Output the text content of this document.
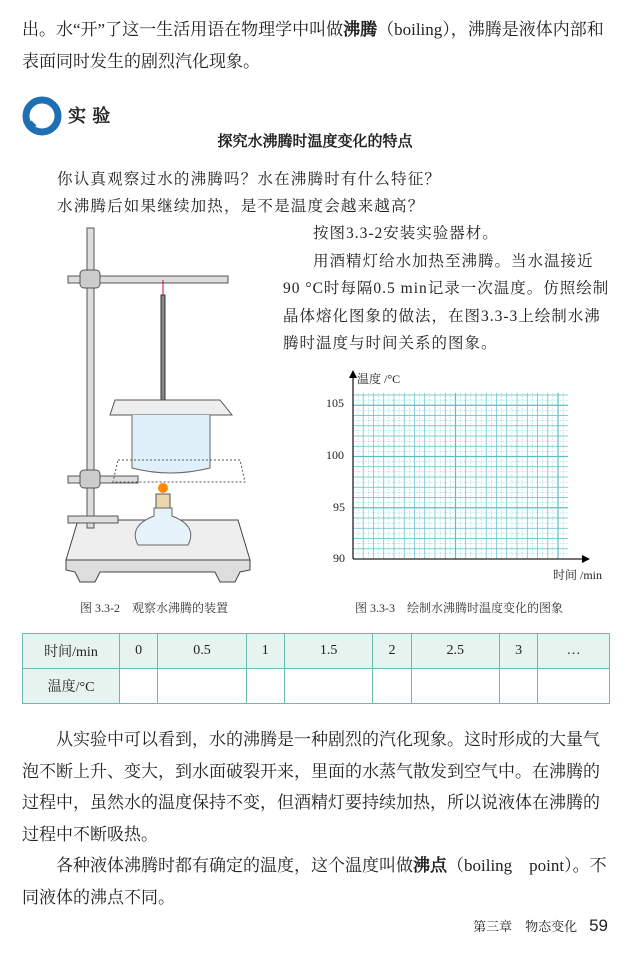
出。水“开”了这一生活用语在物理学中叫做沸腾（boiling），沸腾是液体内部和表面同时发生的剧烈汽化现象。

实 验
探究水沸腾时温度变化的特点
你认真观察过水的沸腾吗？水在沸腾时有什么特征？
水沸腾后如果继续加热，是不是温度会越来越高？

按图3.3-2安装实验器材。

用酒精灯给水加热至沸腾。当水温接近90 °C时每隔0.5 min记录一次温度。仿照绘制晶体熔化图象的做法，在图3.3-3上绘制水沸腾时温度与时间关系的图象。

温度 /°C
时间 /min
105
100
95
90
图 3.3-2　观察水沸腾的装置	图 3.3-3　绘制水沸腾时温度变化的图象
时间/min	0	0.5	1	1.5	2	2.5	3	…
温度/°C								

从实验中可以看到，水的沸腾是一种剧烈的汽化现象。这时形成的大量气泡不断上升、变大，到水面破裂开来，里面的水蒸气散发到空气中。在沸腾的过程中，虽然水的温度保持不变，但酒精灯要持续加热，所以说液体在沸腾的过程中不断吸热。

各种液体沸腾时都有确定的温度，这个温度叫做沸点（boiling　point）。不同液体的沸点不同。

第三章　物态变化 59
